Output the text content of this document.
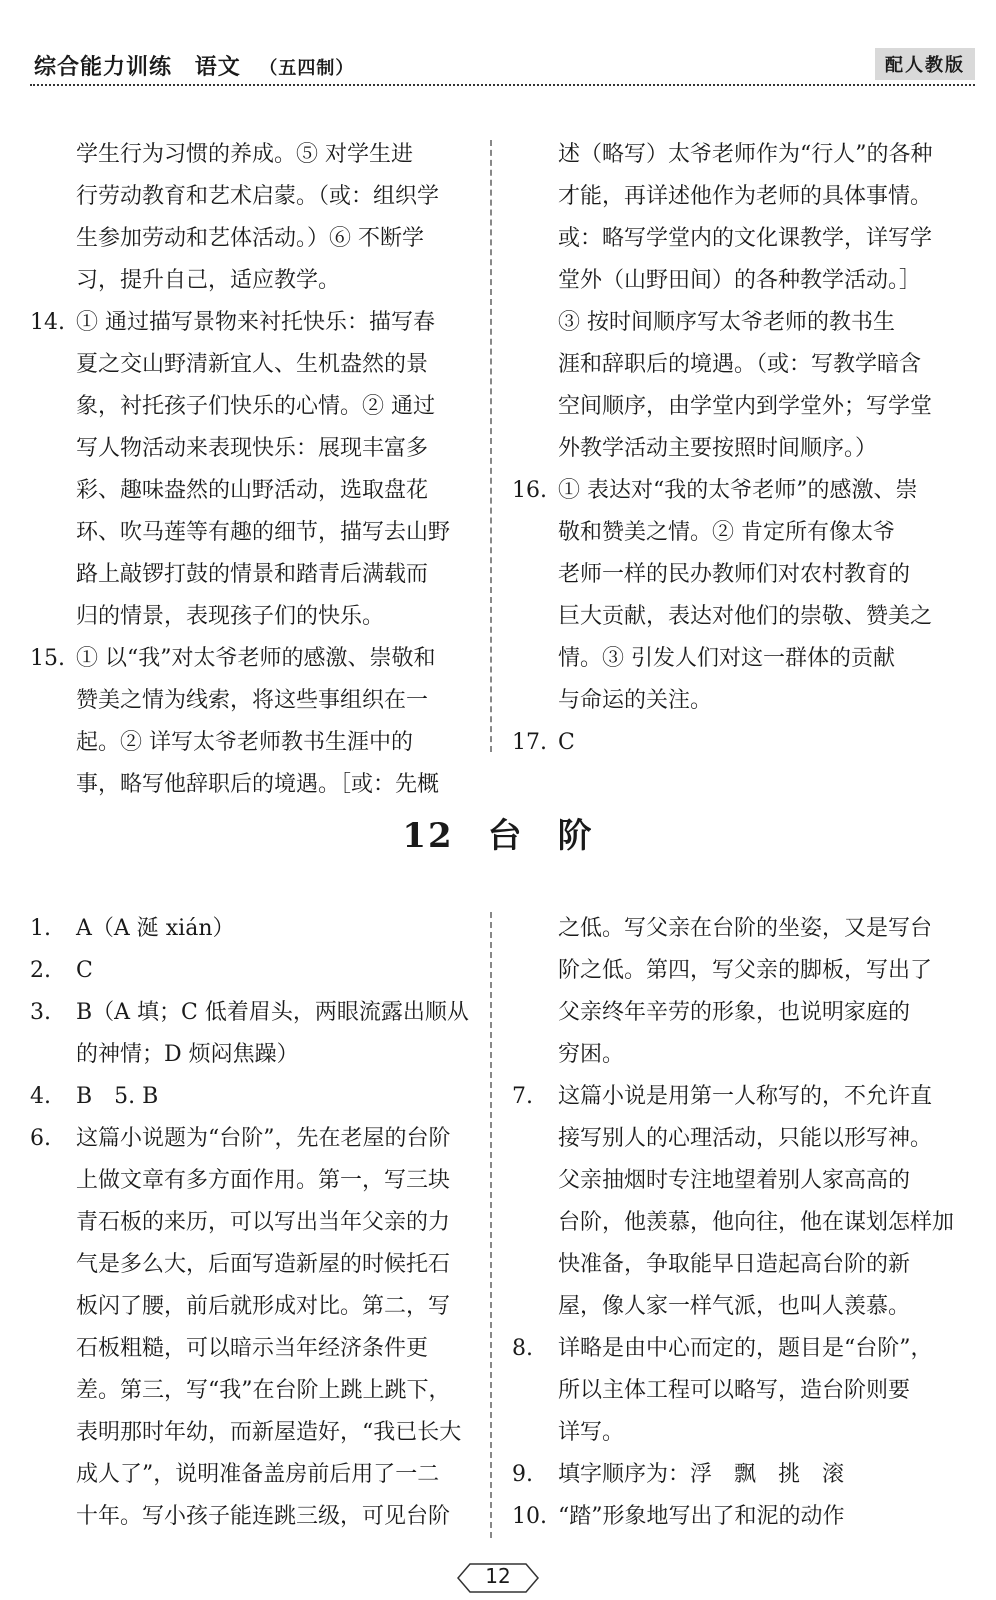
综合能力训练 语文 （五四制）	配人教版

学生行为习惯的养成。⑤ 对学生进

行劳动教育和艺术启蒙。（或：组织学

生参加劳动和艺体活动。）⑥ 不断学

习，提升自己，适应教学。

14. ① 通过描写景物来衬托快乐：描写春

夏之交山野清新宜人、生机盎然的景

象，衬托孩子们快乐的心情。② 通过

写人物活动来表现快乐：展现丰富多

彩、趣味盎然的山野活动，选取盘花

环、吹马莲等有趣的细节，描写去山野

路上敲锣打鼓的情景和踏青后满载而

归的情景，表现孩子们的快乐。

15. ① 以“我”对太爷老师的感激、崇敬和

赞美之情为线索，将这些事组织在一

起。② 详写太爷老师教书生涯中的

事，略写他辞职后的境遇。［或：先概

述（略写）太爷老师作为“行人”的各种

才能，再详述他作为老师的具体事情。

或：略写学堂内的文化课教学，详写学

堂外（山野田间）的各种教学活动。］

③ 按时间顺序写太爷老师的教书生

涯和辞职后的境遇。（或：写教学暗含

空间顺序，由学堂内到学堂外；写学堂

外教学活动主要按照时间顺序。）

16. ① 表达对“我的太爷老师”的感激、崇

敬和赞美之情。② 肯定所有像太爷

老师一样的民办教师们对农村教育的

巨大贡献，表达对他们的崇敬、赞美之

情。③ 引发人们对这一群体的贡献

与命运的关注。

17. C

12 台 阶
1. A（A 涎 xián）

2. C

3. B（A 填；C 低着眉头，两眼流露出顺从

的神情；D 烦闷焦躁）

4. B　5. B

6. 这篇小说题为“台阶”，先在老屋的台阶

上做文章有多方面作用。第一，写三块

青石板的来历，可以写出当年父亲的力

气是多么大，后面写造新屋的时候托石

板闪了腰，前后就形成对比。第二，写

石板粗糙，可以暗示当年经济条件更

差。第三，写“我”在台阶上跳上跳下，

表明那时年幼，而新屋造好，“我已长大

成人了”，说明准备盖房前后用了一二

十年。写小孩子能连跳三级，可见台阶

之低。写父亲在台阶的坐姿，又是写台

阶之低。第四，写父亲的脚板，写出了

父亲终年辛劳的形象，也说明家庭的

穷困。

7. 这篇小说是用第一人称写的，不允许直

接写别人的心理活动，只能以形写神。

父亲抽烟时专注地望着别人家高高的

台阶，他羡慕，他向往，他在谋划怎样加

快准备，争取能早日造起高台阶的新

屋，像人家一样气派，也叫人羡慕。

8. 详略是由中心而定的，题目是“台阶”，

所以主体工程可以略写，造台阶则要

详写。

9. 填字顺序为：浮　飘　挑　滚

10. “踏”形象地写出了和泥的动作

12
